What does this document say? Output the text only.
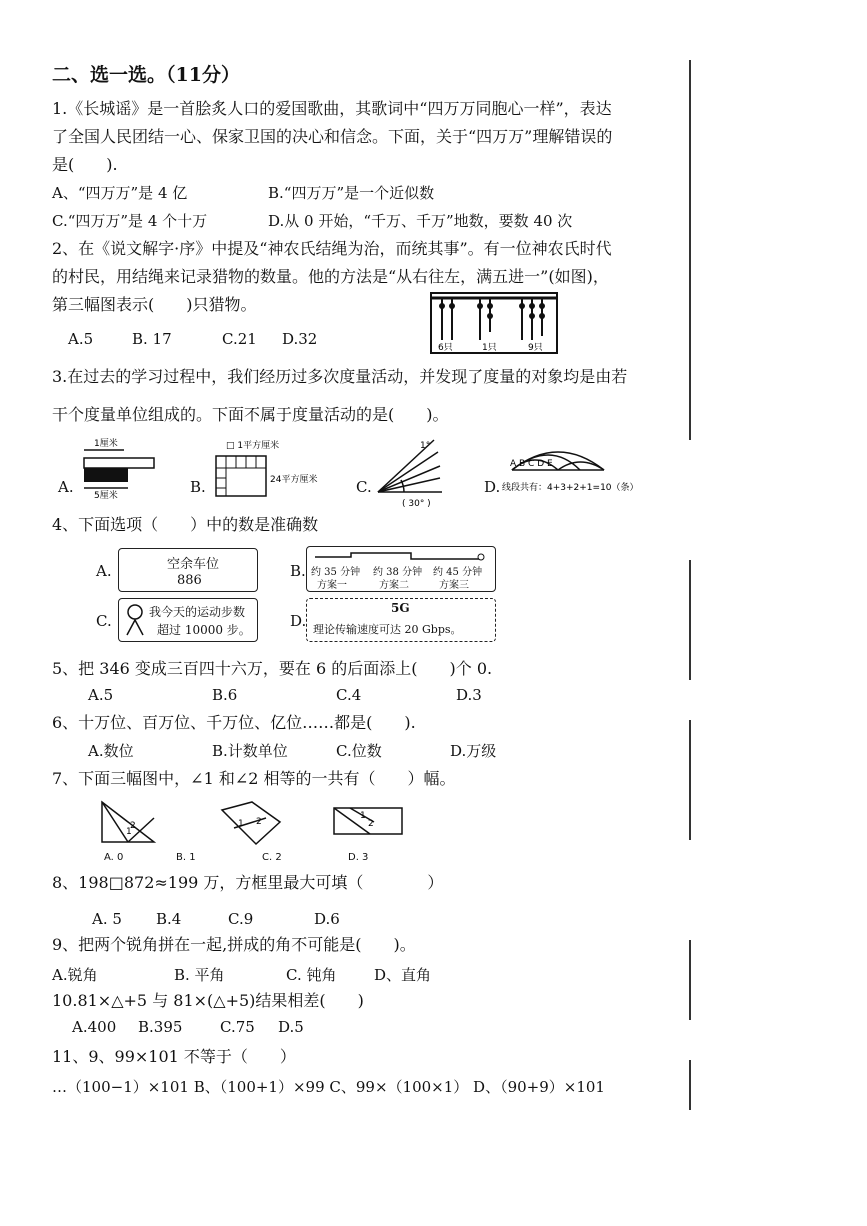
二、选一选。（11分）
1.《长城谣》是一首脍炙人口的爱国歌曲，其歌词中“四万万同胞心一样”，表达
了全国人民团结一心、保家卫国的决心和信念。下面，关于“四万万”理解错误的
是(　　).
A、“四万万”是 4 亿	B.“四万万”是一个近似数
C.“四万万”是 4 个十万	D.从 0 开始，“千万、千万”地数，要数 40 次
2、在《说文解字·序》中提及“神农氏结绳为治，而统其事”。有一位神农氏时代
的村民，用结绳来记录猎物的数量。他的方法是“从右往左，满五进一”(如图)，
第三幅图表示(　　)只猎物。
A.5	B. 17	C.21 D.32	6只	1只	9只
3.在过去的学习过程中，我们经历过多次度量活动，并发现了度量的对象均是由若
干个度量单位组成的。下面不属于度量活动的是(　　)。
A.
1厘米
5厘米	B.
□ 1平方厘米
24平方厘米	C.
1°
( 30° )
D.
A B C D E
线段共有：4+3+2+1=10（条）
4、下面选项（　　）中的数是准确数
A.	空余车位
886
B. 约 35 分钟 约 38 分钟 约 45 分钟
方案一	方案二	方案三
C.	我今天的运动步数
超过 10000 步。	D.
5G
理论传输速度可达 20 Gbps。
5、把 346 变成三百四十六万，要在 6 的后面添上(　　)个 0.
A.5	B.6	C.4	D.3
6、十万位、百万位、千万位、亿位……都是(　　).
A.数位	B.计数单位	C.位数	D.万级
7、下面三幅图中，∠1 和∠2 相等的一共有（　　）幅。
1
2	1 2
1
2
A. 0	B. 1	C. 2	D. 3
8、198□872≈199 万，方框里最大可填（　　　　）
A. 5 B.4	C.9	D.6
9、把两个锐角拼在一起,拼成的角不可能是(　　)。
A.锐角	B. 平角	C. 钝角	D、直角
10.81×△+5 与 81×(△+5)结果相差(　　)
A.400 B.395	C.75 D.5
11、9、99×101 不等于（　　）
…（100−1）×101 B、（100+1）×99 C、99×（100×1） D、（90+9）×101
